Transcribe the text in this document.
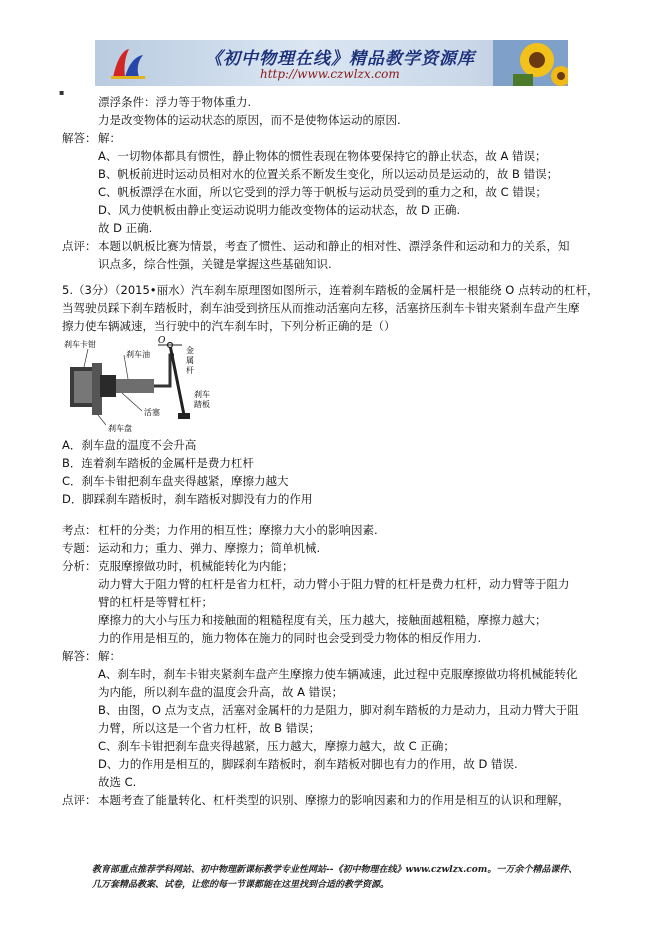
《初中物理在线》精品教学资源库
http://www.czwlzx.com
▪
漂浮条件：浮力等于物体重力.
力是改变物体的运动状态的原因，而不是使物体运动的原因.
解答： 解：
A、一切物体都具有惯性，静止物体的惯性表现在物体要保持它的静止状态，故 A 错误；
B、帆板前进时运动员相对水的位置关系不断发生变化，所以运动员是运动的，故 B 错误；
C、帆板漂浮在水面，所以它受到的浮力等于帆板与运动员受到的重力之和，故 C 错误；
D、风力使帆板由静止变运动说明力能改变物体的运动状态，故 D 正确.
故 D 正确.
点评： 本题以帆板比赛为情景，考查了惯性、运动和静止的相对性、漂浮条件和运动和力的关系，知
识点多，综合性强，关键是掌握这些基础知识.
5.（3分）（2015•丽水）汽车刹车原理图如图所示，连着刹车踏板的金属杆是一根能绕 O 点转动的杠杆，
当驾驶员踩下刹车踏板时，刹车油受到挤压从而推动活塞向左移，活塞挤压刹车卡钳夹紧刹车盘产生摩
擦力使车辆减速，当行驶中的汽车刹车时，下列分析正确的是（）
O
刹车卡钳
刹车油	金
属
杆
刹车
踏板
活塞
刹车盘
A．刹车盘的温度不会升高
B．连着刹车踏板的金属杆是费力杠杆
C．刹车卡钳把刹车盘夹得越紧，摩擦力越大
D．脚踩刹车踏板时，刹车踏板对脚没有力的作用
考点： 杠杆的分类；力作用的相互性；摩擦力大小的影响因素.
专题： 运动和力；重力、弹力、摩擦力；简单机械.
分析： 克服摩擦做功时，机械能转化为内能；
动力臂大于阻力臂的杠杆是省力杠杆，动力臂小于阻力臂的杠杆是费力杠杆，动力臂等于阻力
臂的杠杆是等臂杠杆；
摩擦力的大小与压力和接触面的粗糙程度有关，压力越大，接触面越粗糙，摩擦力越大；
力的作用是相互的，施力物体在施力的同时也会受到受力物体的相反作用力.
解答： 解：
A、刹车时，刹车卡钳夹紧刹车盘产生摩擦力使车辆减速，此过程中克服摩擦做功将机械能转化
为内能，所以刹车盘的温度会升高，故 A 错误；
B、由图，O 点为支点，活塞对金属杆的力是阻力，脚对刹车踏板的力是动力，且动力臂大于阻
力臂，所以这是一个省力杠杆，故 B 错误；
C、刹车卡钳把刹车盘夹得越紧，压力越大，摩擦力越大，故 C 正确；
D、力的作用是相互的，脚踩刹车踏板时，刹车踏板对脚也有力的作用，故 D 错误.
故选 C.
点评： 本题考查了能量转化、杠杆类型的识别、摩擦力的影响因素和力的作用是相互的认识和理解，
教育部重点推荐学科网站、初中物理新课标教学专业性网站--《初中物理在线》www.czwlzx.com。一万余个精品课件、
几万套精品教案、试卷，让您的每一节课都能在这里找到合适的教学资源。
